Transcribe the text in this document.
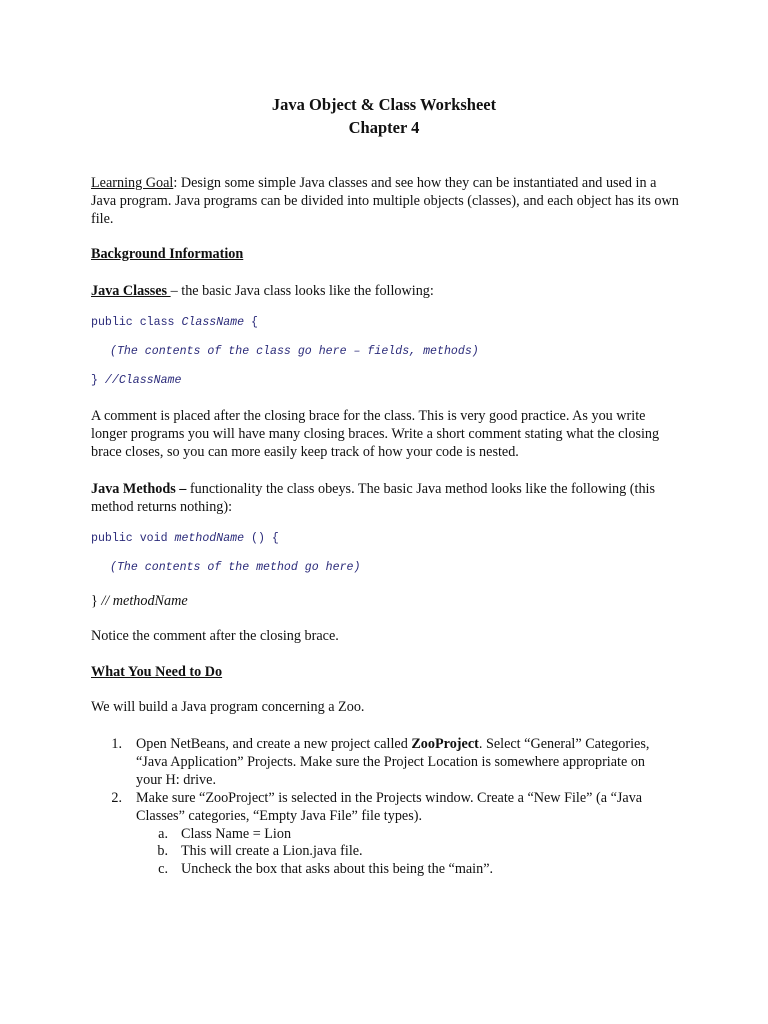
Java Object & Class Worksheet
Chapter 4
Learning Goal: Design some simple Java classes and see how they can be instantiated and used in a Java program. Java programs can be divided into multiple objects (classes), and each object has its own file.
Background Information
Java Classes – the basic Java class looks like the following:
public class ClassName {
(The contents of the class go here – fields, methods)
} //ClassName
A comment is placed after the closing brace for the class. This is very good practice. As you write longer programs you will have many closing braces. Write a short comment stating what the closing brace closes, so you can more easily keep track of how your code is nested.
Java Methods – functionality the class obeys. The basic Java method looks like the following (this method returns nothing):
public void methodName () {
(The contents of the method go here)
} // methodName
Notice the comment after the closing brace.
What You Need to Do
We will build a Java program concerning a Zoo.
1. Open NetBeans, and create a new project called ZooProject. Select “General” Categories, “Java Application” Projects. Make sure the Project Location is somewhere appropriate on your H: drive.
2. Make sure “ZooProject” is selected in the Projects window. Create a “New File” (a “Java Classes” categories, “Empty Java File” file types).
a. Class Name = Lion
b. This will create a Lion.java file.
c. Uncheck the box that asks about this being the “main”.
